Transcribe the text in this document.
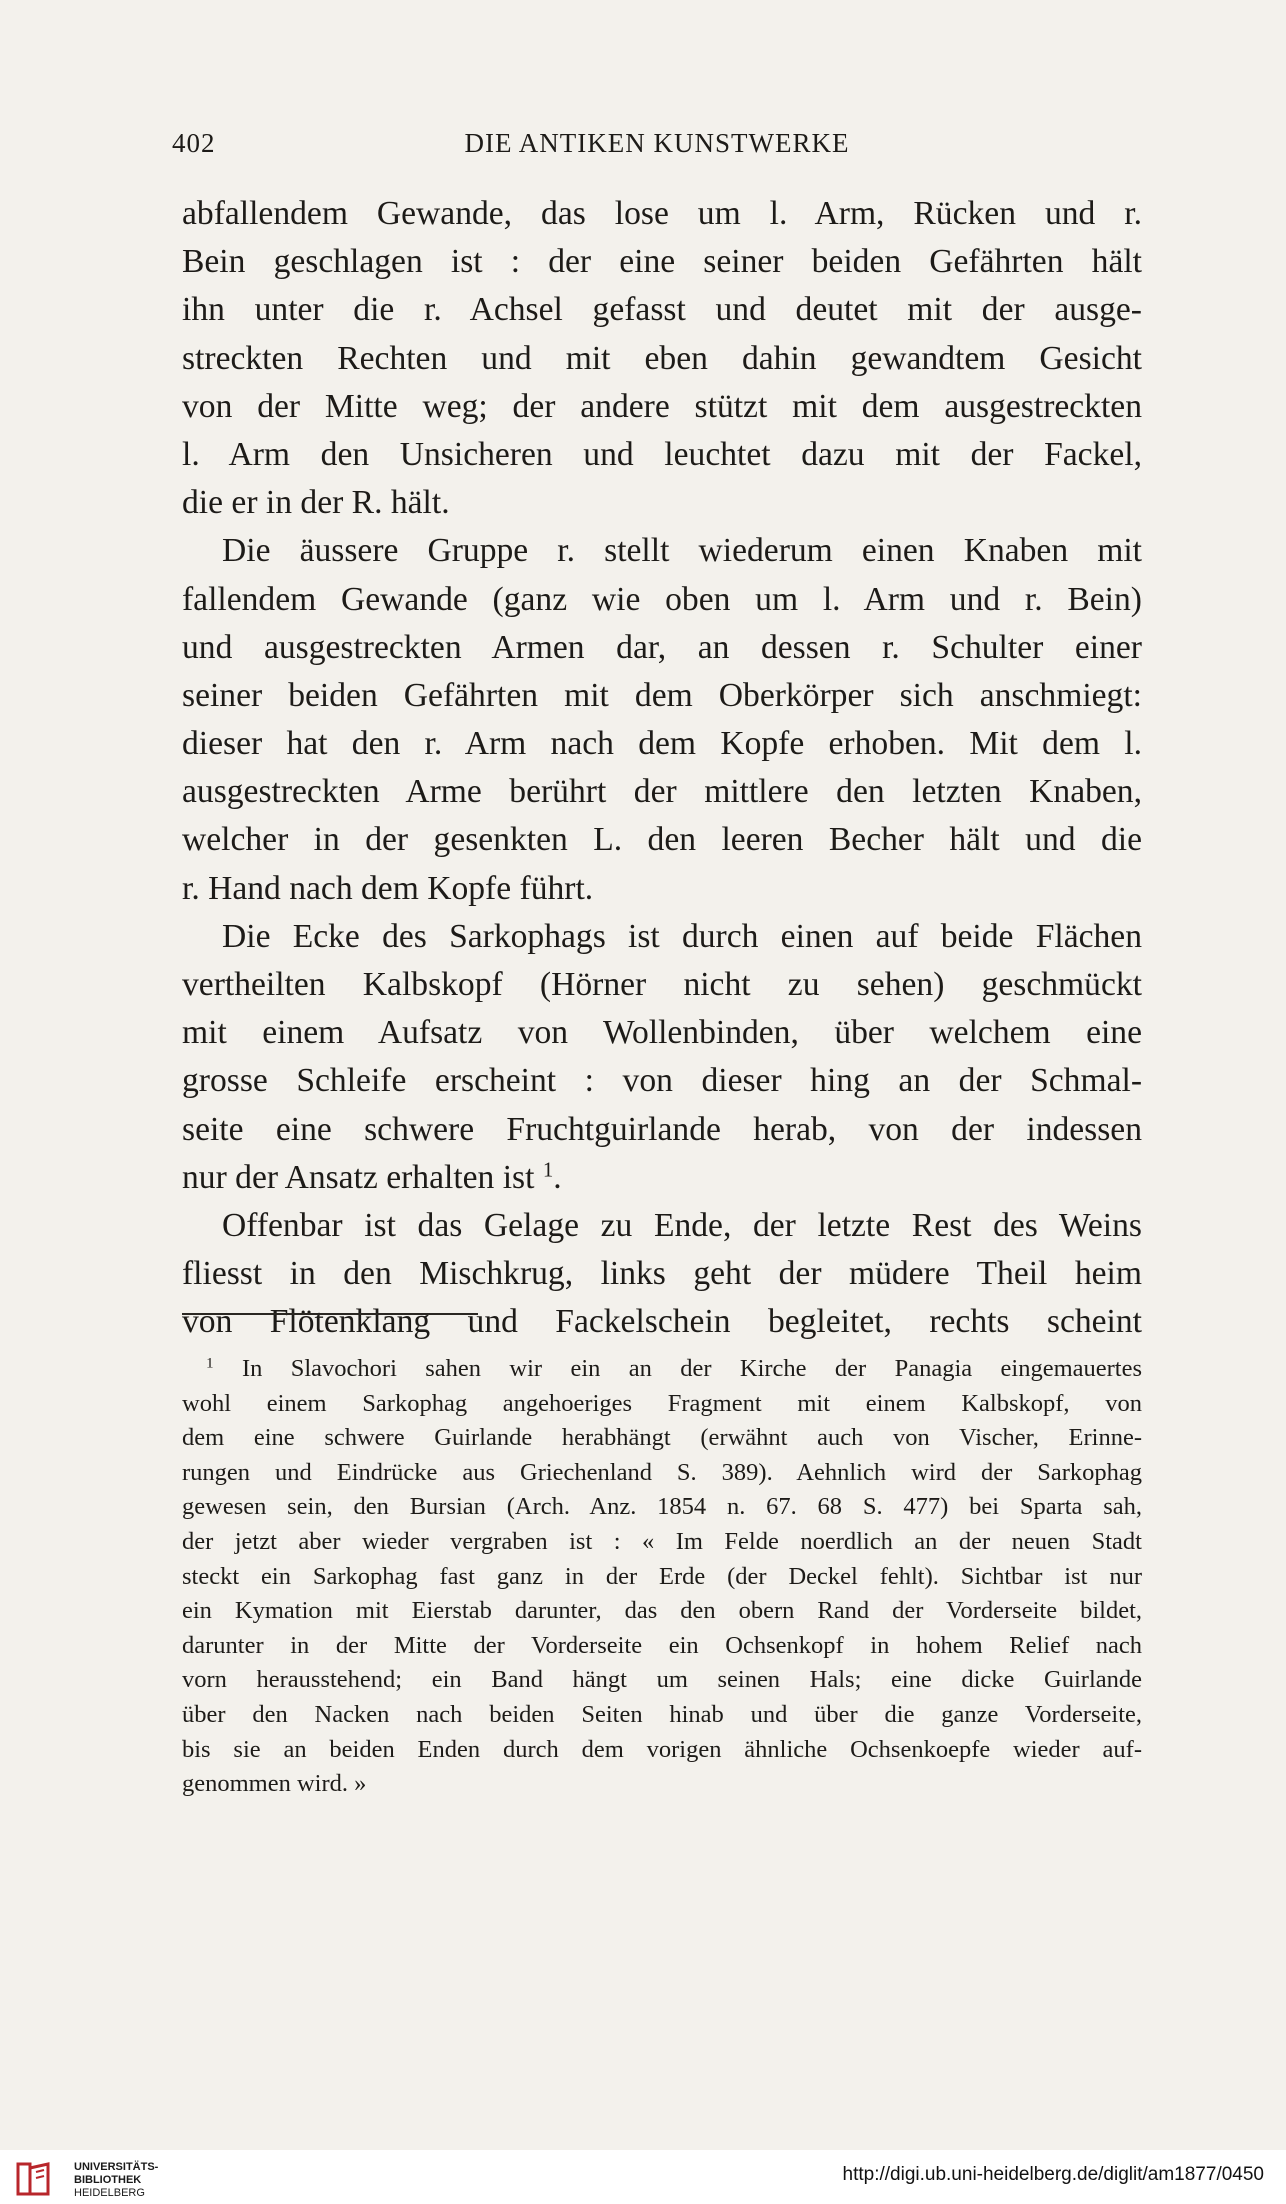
402	DIE ANTIKEN KUNSTWERKE
abfallendem Gewande, das lose um l. Arm, Rücken und r.
Bein geschlagen ist : der eine seiner beiden Gefährten hält
ihn unter die r. Achsel gefasst und deutet mit der ausge-
streckten Rechten und mit eben dahin gewandtem Gesicht
von der Mitte weg; der andere stützt mit dem ausgestreckten
l. Arm den Unsicheren und leuchtet dazu mit der Fackel,
die er in der R. hält.
Die äussere Gruppe r. stellt wiederum einen Knaben mit
fallendem Gewande (ganz wie oben um l. Arm und r. Bein)
und ausgestreckten Armen dar, an dessen r. Schulter einer
seiner beiden Gefährten mit dem Oberkörper sich anschmiegt:
dieser hat den r. Arm nach dem Kopfe erhoben. Mit dem l.
ausgestreckten Arme berührt der mittlere den letzten Knaben,
welcher in der gesenkten L. den leeren Becher hält und die
r. Hand nach dem Kopfe führt.
Die Ecke des Sarkophags ist durch einen auf beide Flächen
vertheilten Kalbskopf (Hörner nicht zu sehen) geschmückt
mit einem Aufsatz von Wollenbinden, über welchem eine
grosse Schleife erscheint : von dieser hing an der Schmal-
seite eine schwere Fruchtguirlande herab, von der indessen
nur der Ansatz erhalten ist $^1$.
Offenbar ist das Gelage zu Ende, der letzte Rest des Weins
fliesst in den Mischkrug, links geht der müdere Theil heim
von Flötenklang und Fackelschein begleitet, rechts scheint
$^1$ In Slavochori sahen wir ein an der Kirche der Panagia eingemauertes
wohl einem Sarkophag angehoeriges Fragment mit einem Kalbskopf, von
dem eine schwere Guirlande herabhängt (erwähnt auch von Vischer, Erinne-
rungen und Eindrücke aus Griechenland S. 389). Aehnlich wird der Sarkophag
gewesen sein, den Bursian (Arch. Anz. 1854 n. 67. 68 S. 477) bei Sparta sah,
der jetzt aber wieder vergraben ist : « Im Felde noerdlich an der neuen Stadt
steckt ein Sarkophag fast ganz in der Erde (der Deckel fehlt). Sichtbar ist nur
ein Kymation mit Eierstab darunter, das den obern Rand der Vorderseite bildet,
darunter in der Mitte der Vorderseite ein Ochsenkopf in hohem Relief nach
vorn herausstehend; ein Band hängt um seinen Hals; eine dicke Guirlande
über den Nacken nach beiden Seiten hinab und über die ganze Vorderseite,
bis sie an beiden Enden durch dem vorigen ähnliche Ochsenkoepfe wieder auf-
genommen wird. »
UNIVERSITÄTS-
BIBLIOTHEK
HEIDELBERG
http://digi.ub.uni-heidelberg.de/diglit/am1877/0450
